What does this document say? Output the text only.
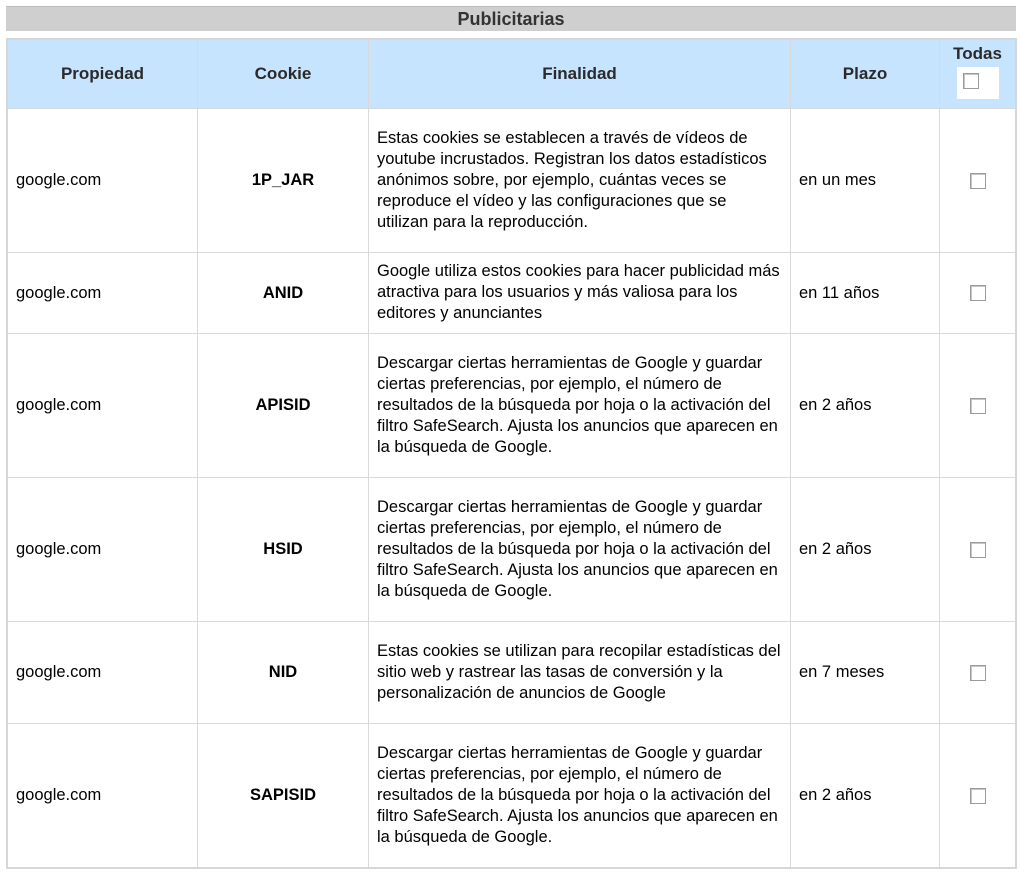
Publicitarias
Propiedad	Cookie	Finalidad	Plazo	Todas

google.com	1P_JAR	Estas cookies se establecen a través de vídeos de youtube incrustados. Registran los datos estadísticos anónimos sobre, por ejemplo, cuántas veces se reproduce el vídeo y las configuraciones que se utilizan para la reproducción.	en un mes	
google.com	ANID	Google utiliza estos cookies para hacer publicidad más atractiva para los usuarios y más valiosa para los editores y anunciantes	en 11 años	
google.com	APISID	Descargar ciertas herramientas de Google y guardar ciertas preferencias, por ejemplo, el número de resultados de la búsqueda por hoja o la activación del filtro SafeSearch. Ajusta los anuncios que aparecen en la búsqueda de Google.	en 2 años	
google.com	HSID	Descargar ciertas herramientas de Google y guardar ciertas preferencias, por ejemplo, el número de resultados de la búsqueda por hoja o la activación del filtro SafeSearch. Ajusta los anuncios que aparecen en la búsqueda de Google.	en 2 años	
google.com	NID	Estas cookies se utilizan para recopilar estadísticas del sitio web y rastrear las tasas de conversión y la personalización de anuncios de Google	en 7 meses	
google.com	SAPISID	Descargar ciertas herramientas de Google y guardar ciertas preferencias, por ejemplo, el número de resultados de la búsqueda por hoja o la activación del filtro SafeSearch. Ajusta los anuncios que aparecen en la búsqueda de Google.	en 2 años	
